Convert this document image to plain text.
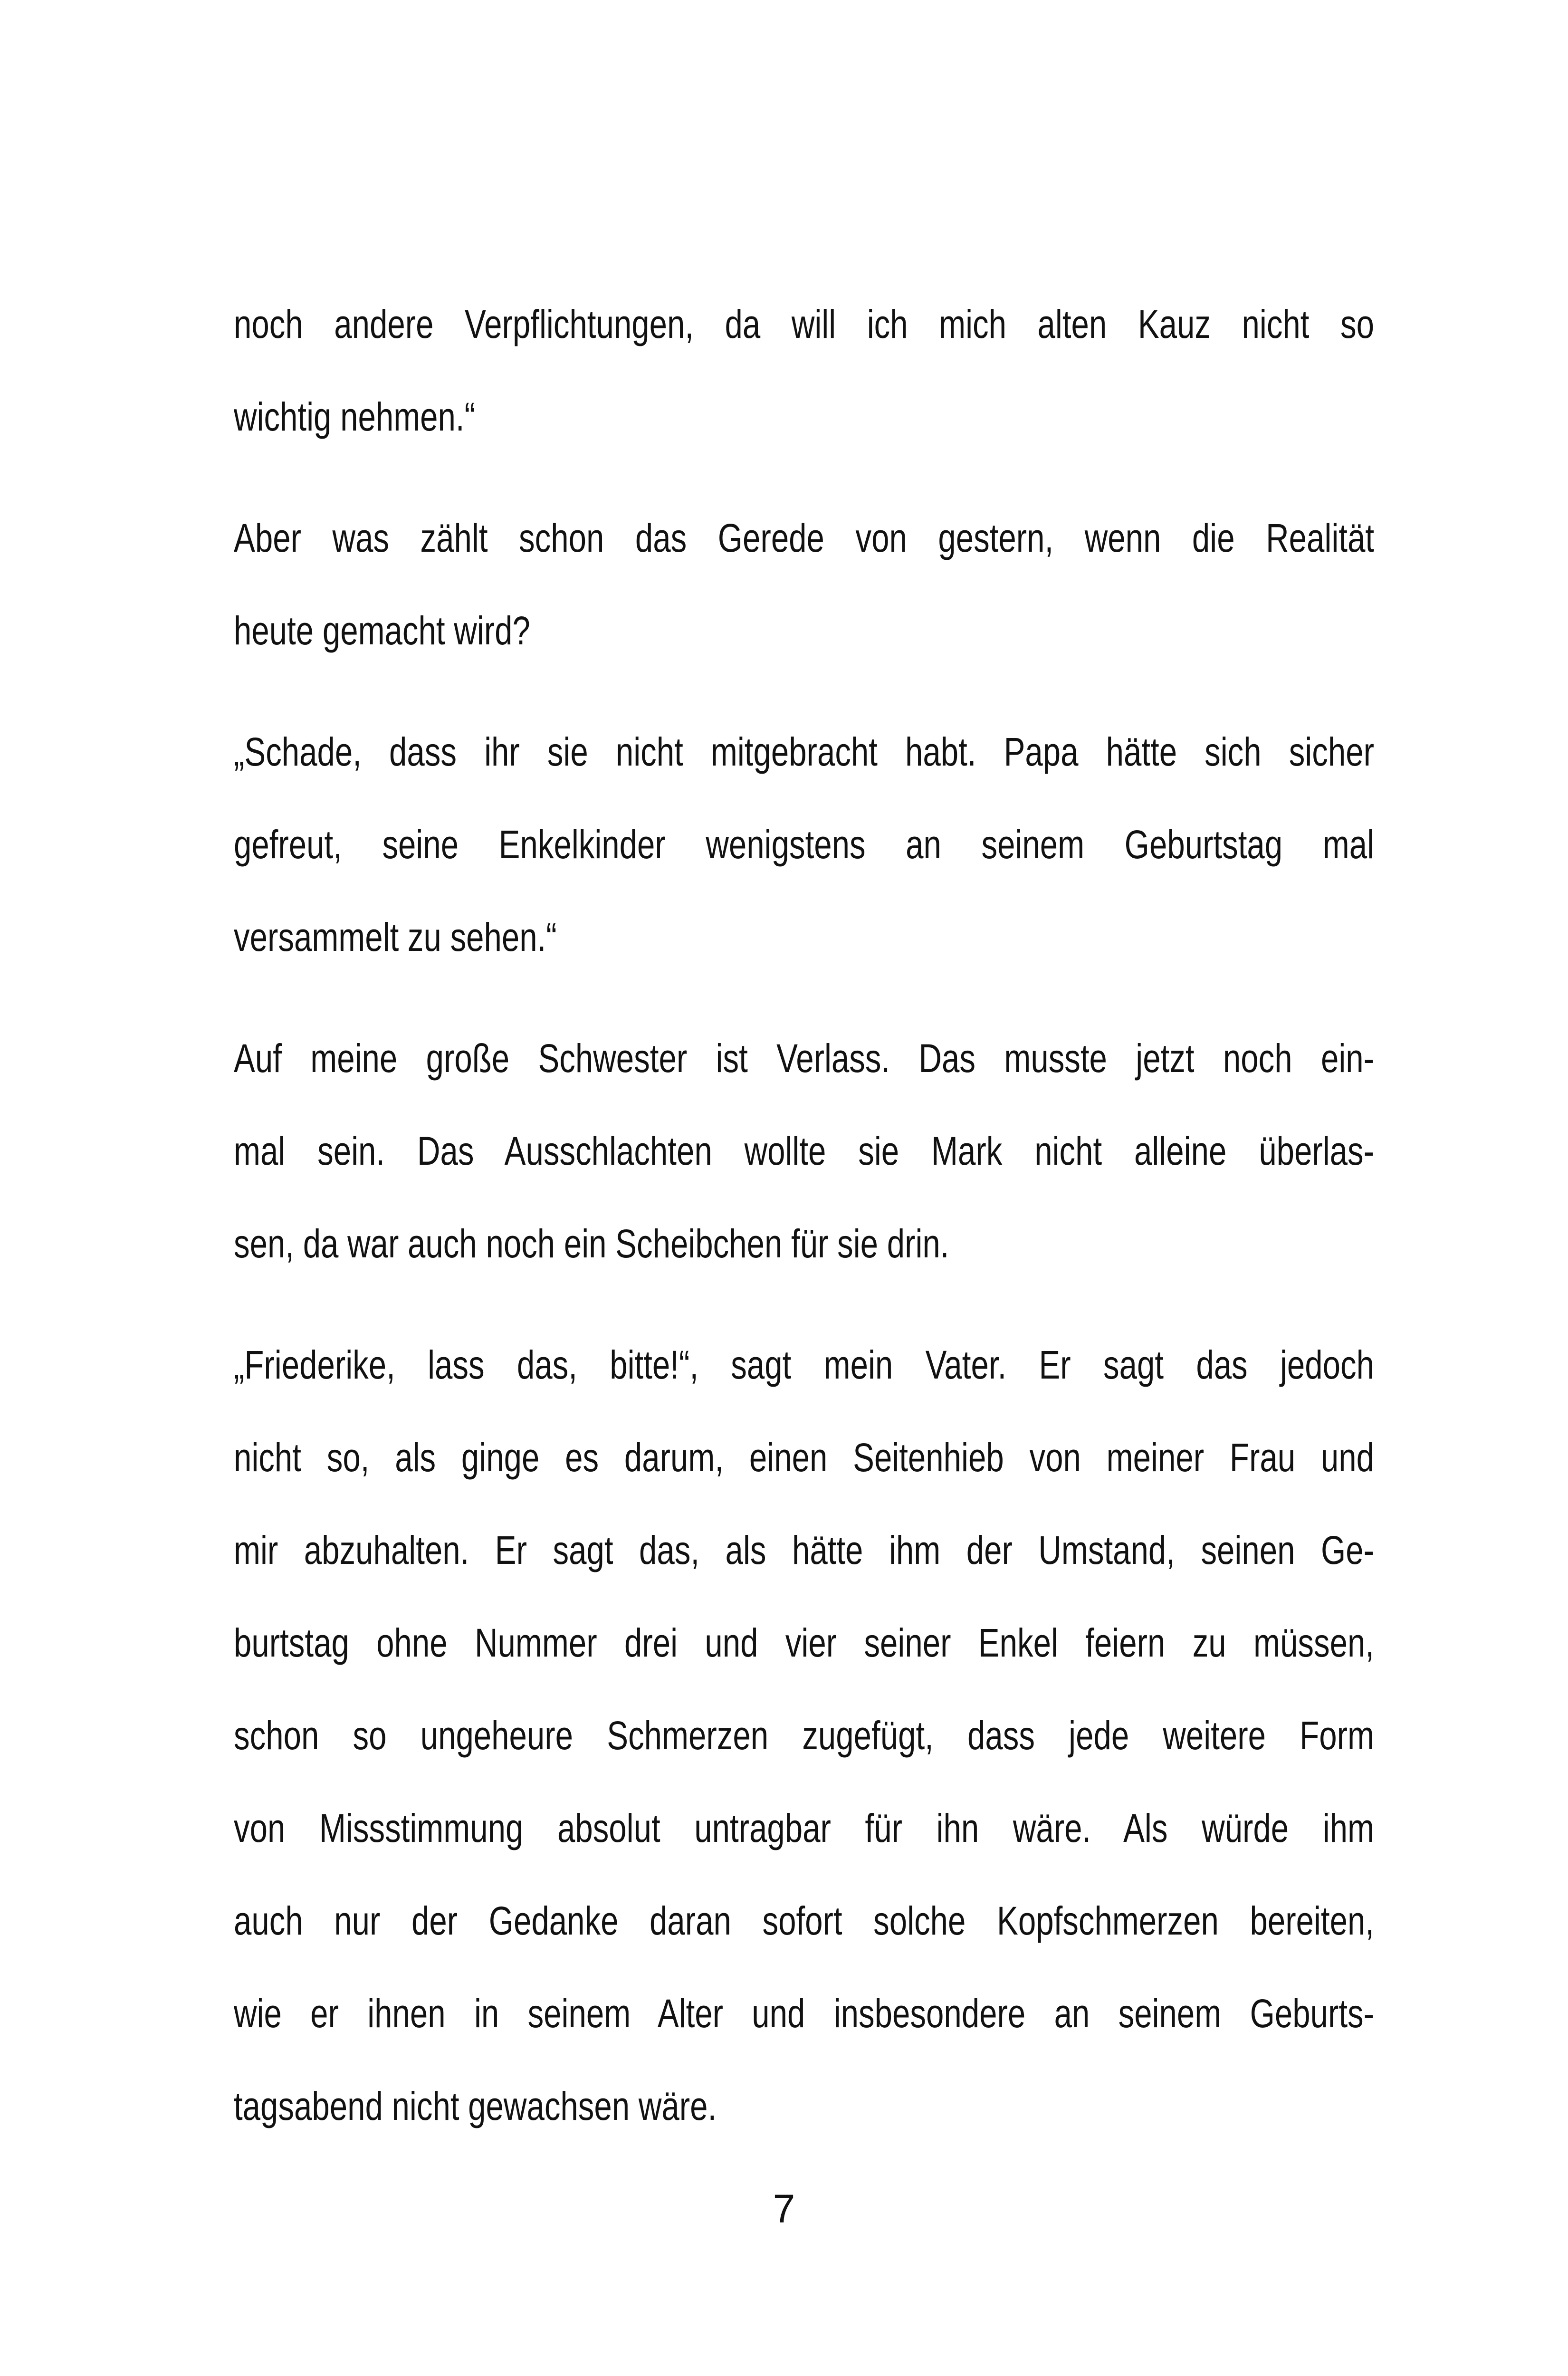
noch andere Verpflichtungen, da will ich mich alten Kauz nicht so
wichtig nehmen.“

Aber was zählt schon das Gerede von gestern, wenn die Realität
heute gemacht wird?

„Schade, dass ihr sie nicht mitgebracht habt. Papa hätte sich sicher
gefreut, seine Enkelkinder wenigstens an seinem Geburtstag mal
versammelt zu sehen.“

Auf meine große Schwester ist Verlass. Das musste jetzt noch ein-
mal sein. Das Ausschlachten wollte sie Mark nicht alleine überlas-
sen, da war auch noch ein Scheibchen für sie drin.

„Friederike, lass das, bitte!“, sagt mein Vater. Er sagt das jedoch
nicht so, als ginge es darum, einen Seitenhieb von meiner Frau und
mir abzuhalten. Er sagt das, als hätte ihm der Umstand, seinen Ge-
burtstag ohne Nummer drei und vier seiner Enkel feiern zu müssen,
schon so ungeheure Schmerzen zugefügt, dass jede weitere Form
von Missstimmung absolut untragbar für ihn wäre. Als würde ihm
auch nur der Gedanke daran sofort solche Kopfschmerzen bereiten,
wie er ihnen in seinem Alter und insbesondere an seinem Geburts-
tagsabend nicht gewachsen wäre.

7
